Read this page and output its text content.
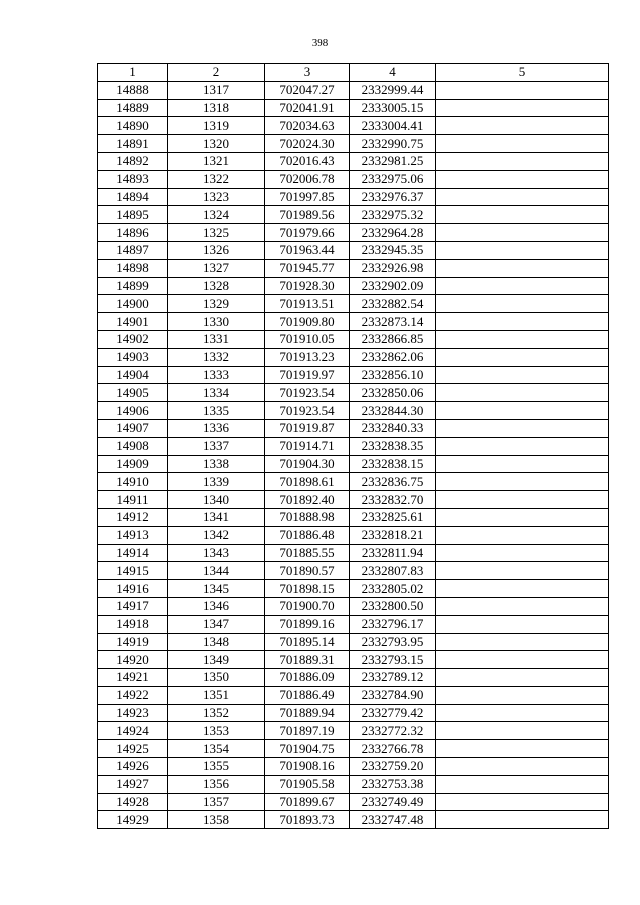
398
1	2	3	4	5
14888	1317	702047.27	2332999.44	
14889	1318	702041.91	2333005.15	
14890	1319	702034.63	2333004.41	
14891	1320	702024.30	2332990.75	
14892	1321	702016.43	2332981.25	
14893	1322	702006.78	2332975.06	
14894	1323	701997.85	2332976.37	
14895	1324	701989.56	2332975.32	
14896	1325	701979.66	2332964.28	
14897	1326	701963.44	2332945.35	
14898	1327	701945.77	2332926.98	
14899	1328	701928.30	2332902.09	
14900	1329	701913.51	2332882.54	
14901	1330	701909.80	2332873.14	
14902	1331	701910.05	2332866.85	
14903	1332	701913.23	2332862.06	
14904	1333	701919.97	2332856.10	
14905	1334	701923.54	2332850.06	
14906	1335	701923.54	2332844.30	
14907	1336	701919.87	2332840.33	
14908	1337	701914.71	2332838.35	
14909	1338	701904.30	2332838.15	
14910	1339	701898.61	2332836.75	
14911	1340	701892.40	2332832.70	
14912	1341	701888.98	2332825.61	
14913	1342	701886.48	2332818.21	
14914	1343	701885.55	2332811.94	
14915	1344	701890.57	2332807.83	
14916	1345	701898.15	2332805.02	
14917	1346	701900.70	2332800.50	
14918	1347	701899.16	2332796.17	
14919	1348	701895.14	2332793.95	
14920	1349	701889.31	2332793.15	
14921	1350	701886.09	2332789.12	
14922	1351	701886.49	2332784.90	
14923	1352	701889.94	2332779.42	
14924	1353	701897.19	2332772.32	
14925	1354	701904.75	2332766.78	
14926	1355	701908.16	2332759.20	
14927	1356	701905.58	2332753.38	
14928	1357	701899.67	2332749.49	
14929	1358	701893.73	2332747.48	
